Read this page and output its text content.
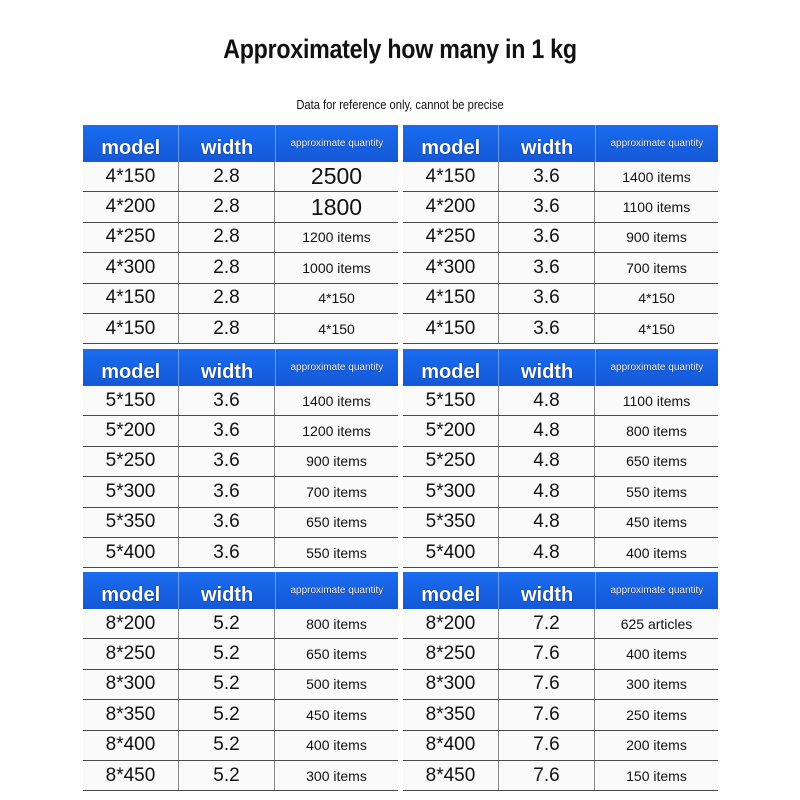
Approximately how many in 1 kg
Data for reference only, cannot be precise
model	width	approximate quantity
4*150	2.8	2500
4*200	2.8	1800
4*250	2.8	1200 items
4*300	2.8	1000 items
4*150	2.8	4*150
4*150	2.8	4*150
model	width	approximate quantity
4*150	3.6	1400 items
4*200	3.6	1100 items
4*250	3.6	900 items
4*300	3.6	700 items
4*150	3.6	4*150
4*150	3.6	4*150
model	width	approximate quantity
5*150	3.6	1400 items
5*200	3.6	1200 items
5*250	3.6	900 items
5*300	3.6	700 items
5*350	3.6	650 items
5*400	3.6	550 items
model	width	approximate quantity
5*150	4.8	1100 items
5*200	4.8	800 items
5*250	4.8	650 items
5*300	4.8	550 items
5*350	4.8	450 items
5*400	4.8	400 items
model	width	approximate quantity
8*200	5.2	800 items
8*250	5.2	650 items
8*300	5.2	500 items
8*350	5.2	450 items
8*400	5.2	400 items
8*450	5.2	300 items
model	width	approximate quantity
8*200	7.2	625 articles
8*250	7.6	400 items
8*300	7.6	300 items
8*350	7.6	250 items
8*400	7.6	200 items
8*450	7.6	150 items
